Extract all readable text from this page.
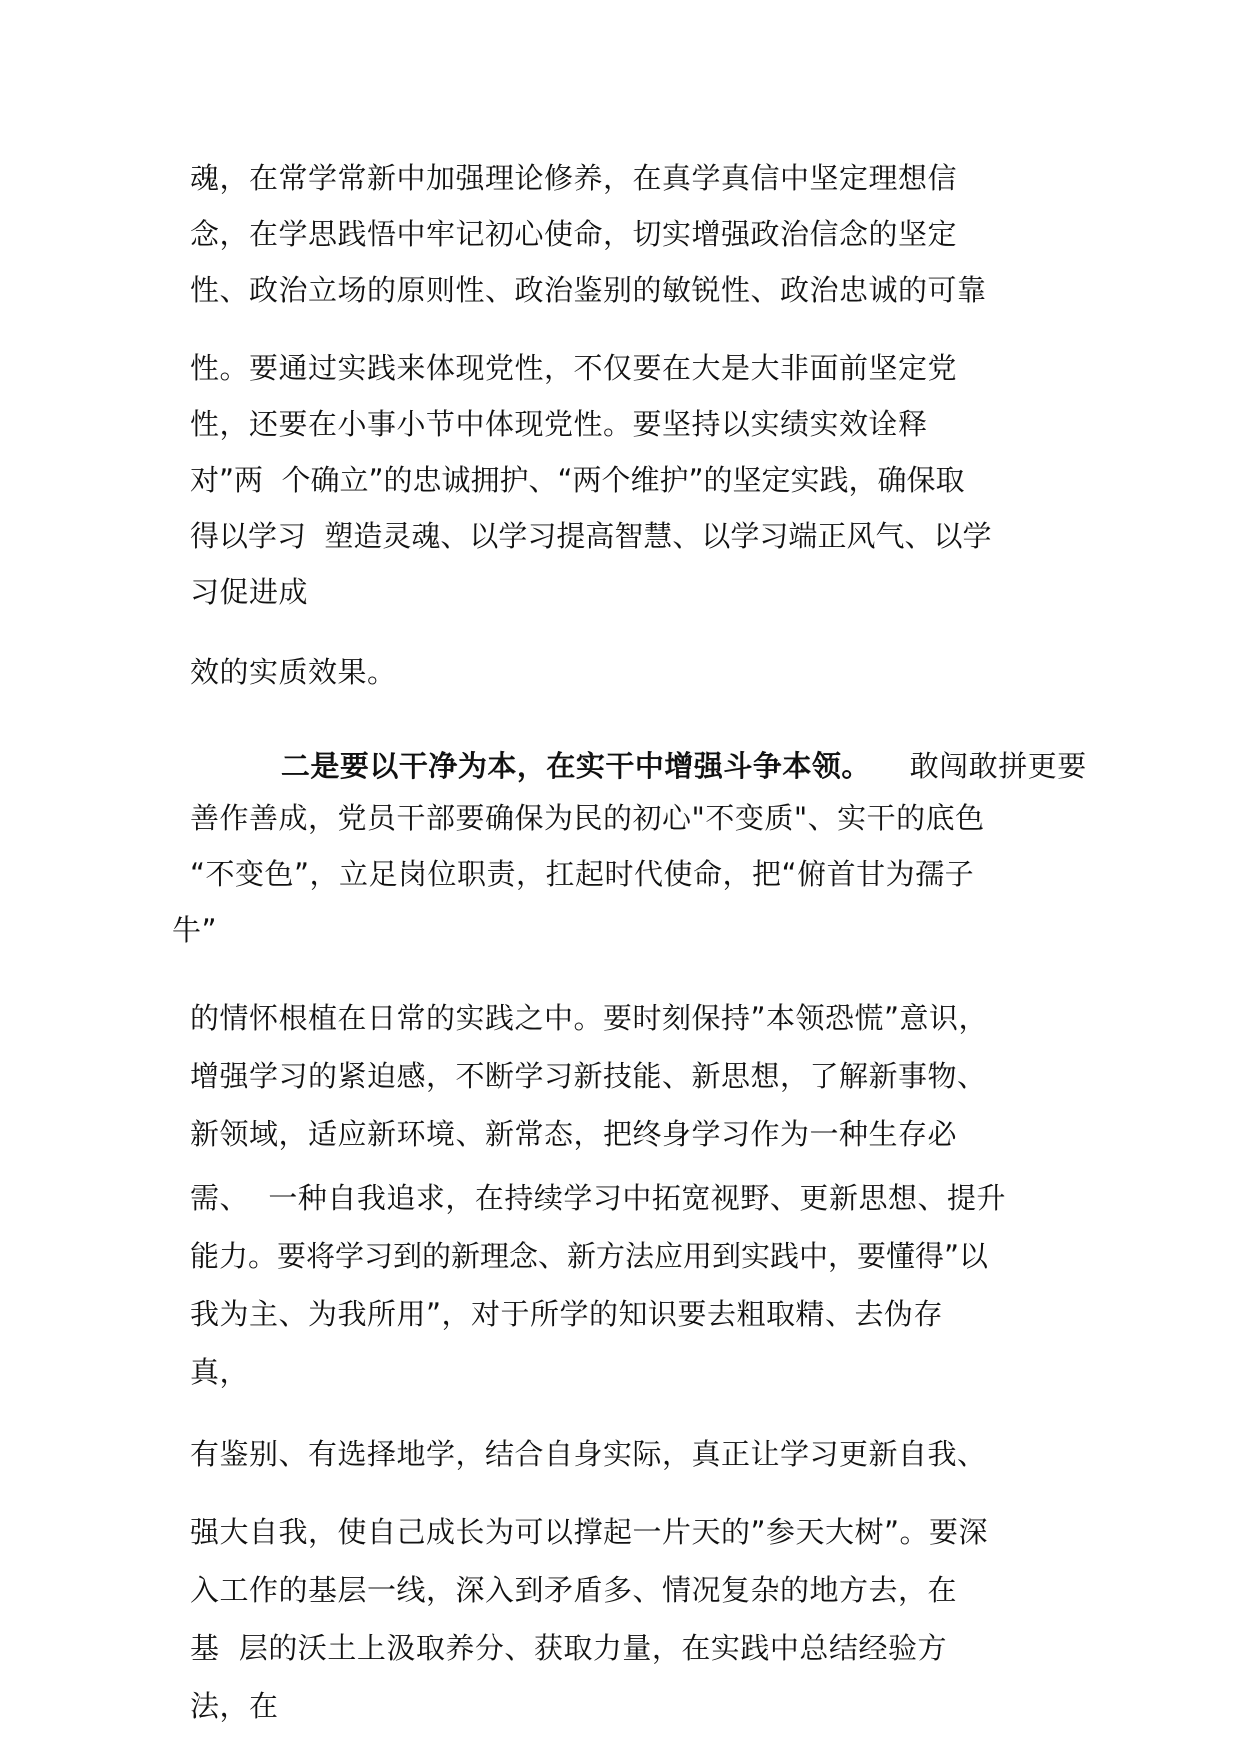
魂，在常学常新中加强理论修养，在真学真信中坚定理想信
念，在学思践悟中牢记初心使命，切实增强政治信念的坚定
性、政治立场的原则性、政治鉴别的敏锐性、政治忠诚的可靠
性。要通过实践来体现党性，不仅要在大是大非面前坚定党
性，还要在小事小节中体现党性。要坚持以实绩实效诠释
对”两  个确立”的忠诚拥护、“两个维护”的坚定实践，确保取
得以学习  塑造灵魂、以学习提高智慧、以学习端正风气、以学
习促进成
效的实质效果。

二是要以干净为本，在实干中增强斗争本领。 敢闯敢拼更要

善作善成，党员干部要确保为民的初心"不变质"、实干的底色
“不变色”，立足岗位职责，扛起时代使命，把“俯首甘为孺子
牛”
的情怀根植在日常的实践之中。要时刻保持”本领恐慌”意识，
增强学习的紧迫感，不断学习新技能、新思想，了解新事物、
新领域，适应新环境、新常态，把终身学习作为一种生存必
需、  一种自我追求，在持续学习中拓宽视野、更新思想、提升
能力。要将学习到的新理念、新方法应用到实践中，要懂得”以
我为主、为我所用”，对于所学的知识要去粗取精、去伪存
真，
有鉴别、有选择地学，结合自身实际，真正让学习更新自我、
强大自我，使自己成长为可以撑起一片天的”参天大树”。要深
入工作的基层一线，深入到矛盾多、情况复杂的地方去，在
基  层的沃土上汲取养分、获取力量，在实践中总结经验方
法，在
